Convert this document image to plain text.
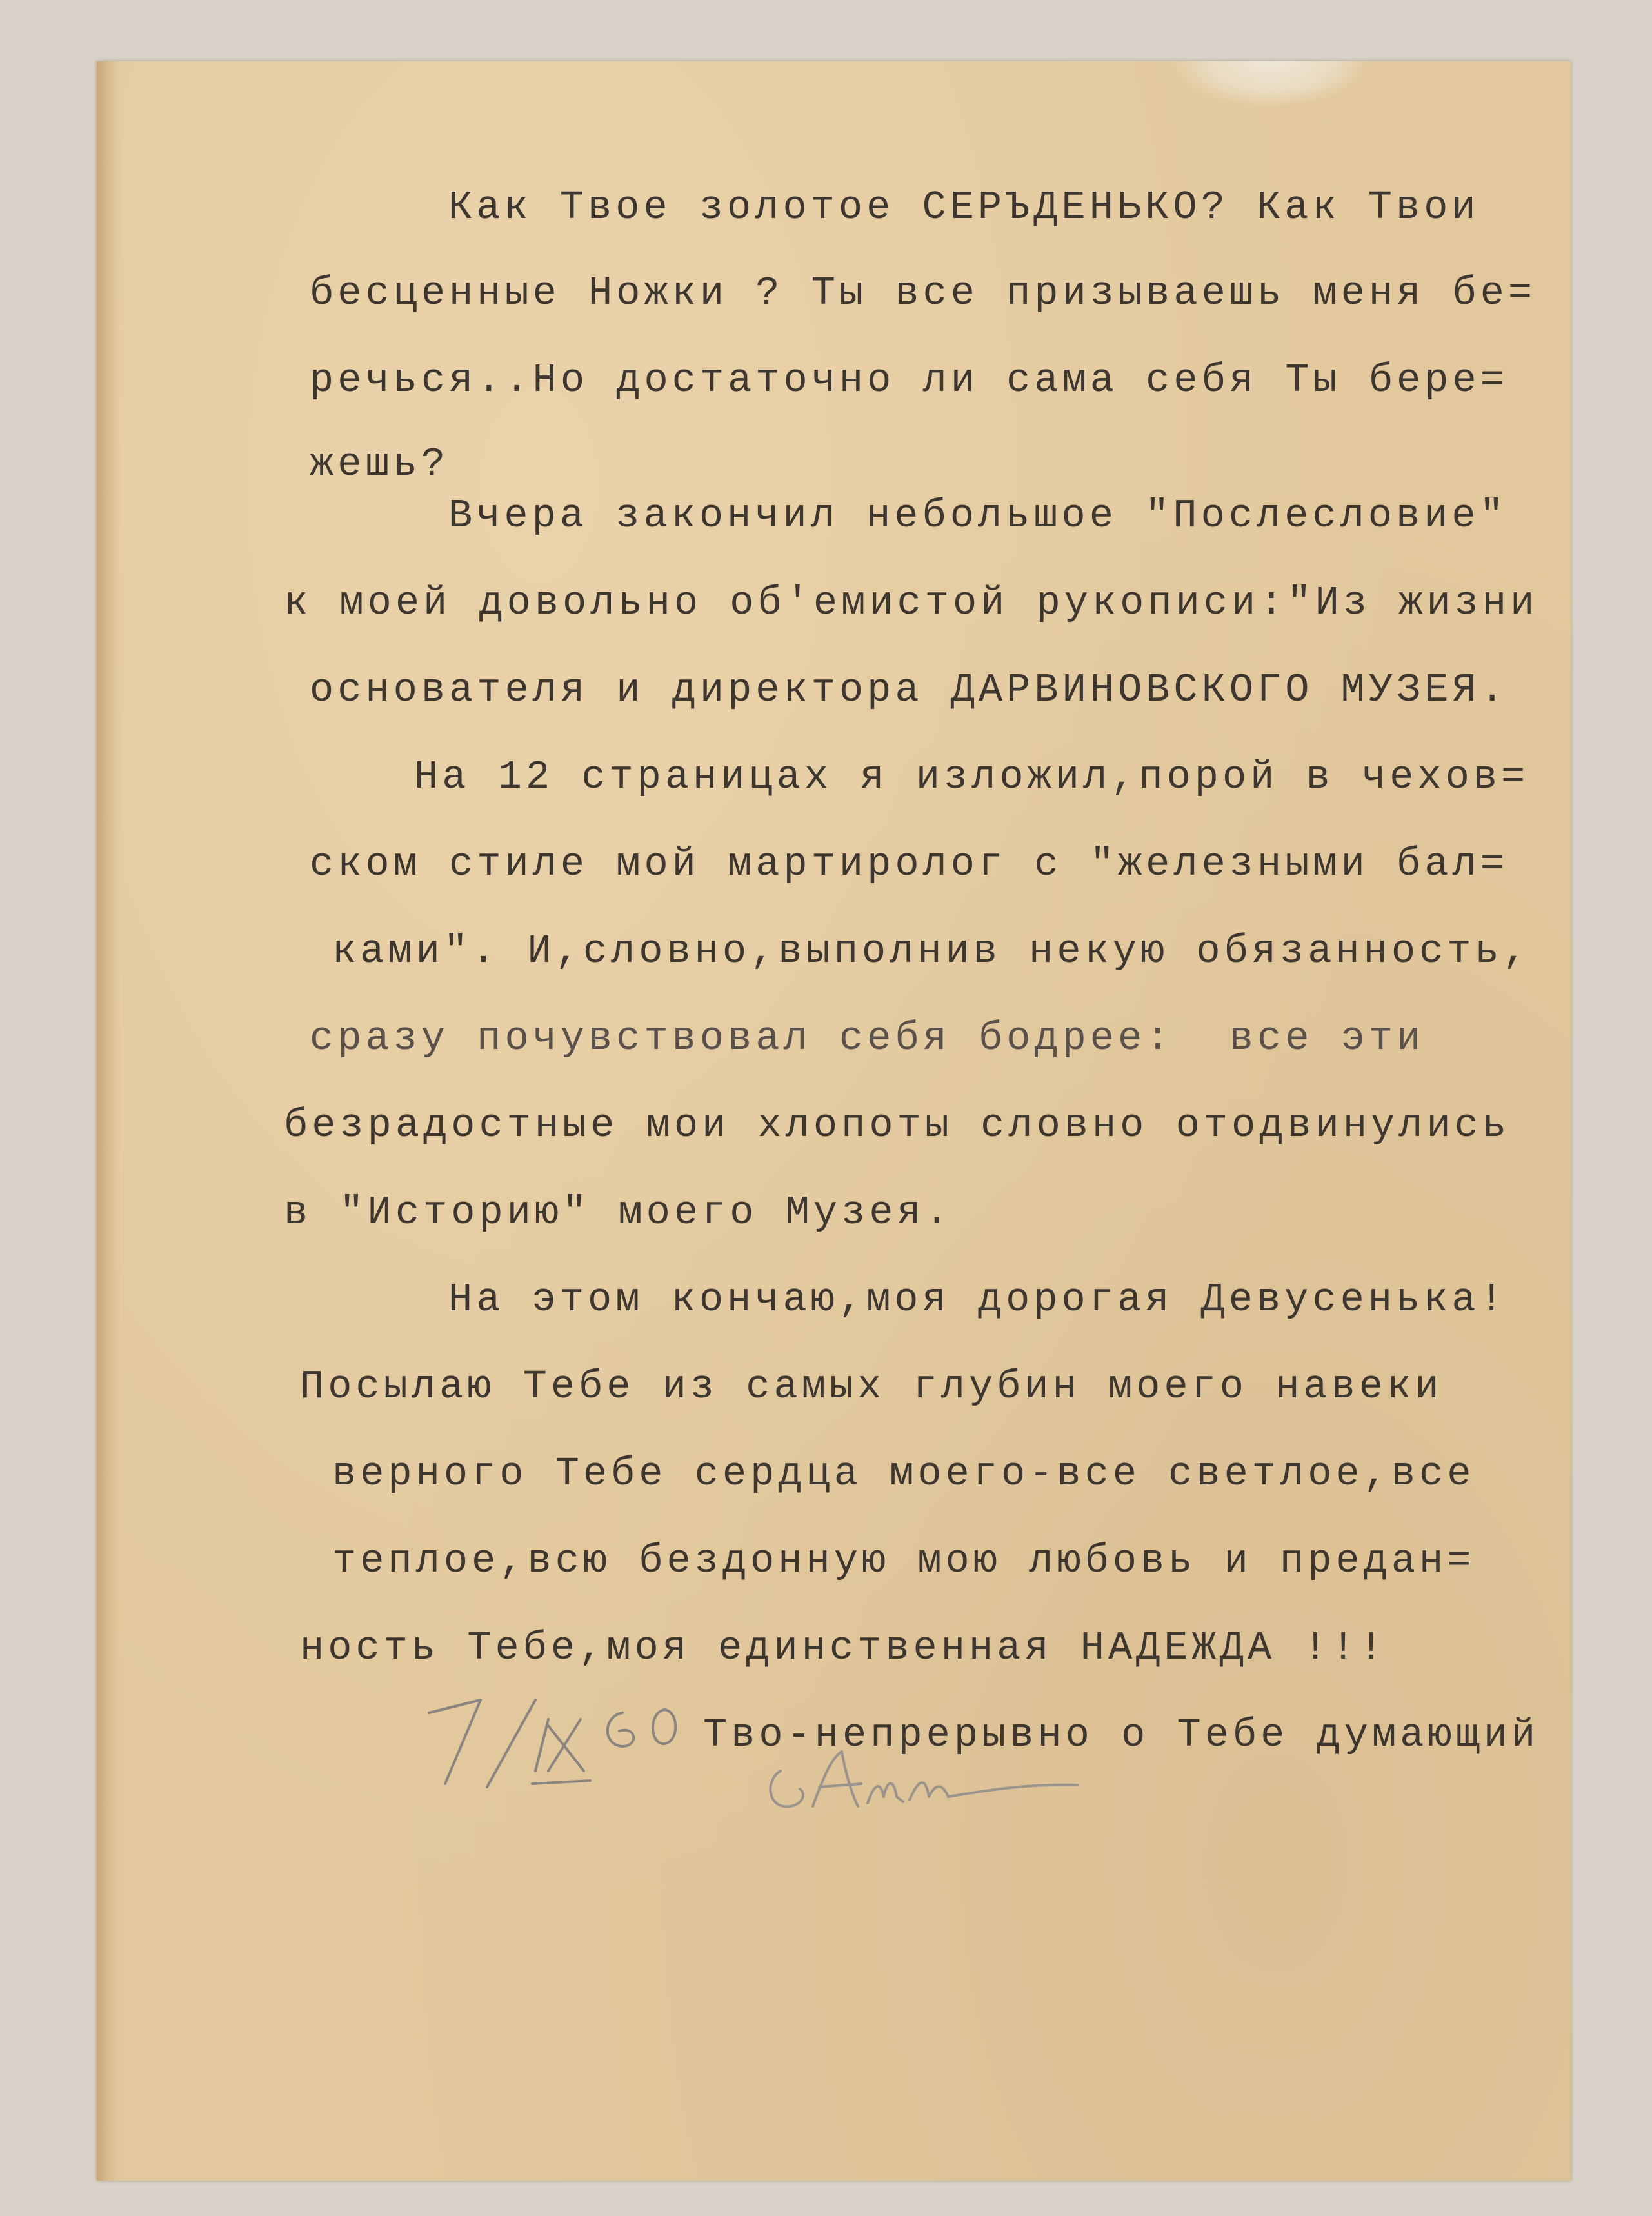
Как Твое золотое СЕРЪДЕНЬКО? Как Твои
бесценные Ножки ? Ты все призываешь меня бе=
речься..Но достаточно ли сама себя Ты бере=
жешь?
Вчера закончил небольшое "Послесловие"
к моей довольно об'емистой рукописи:"Из жизни
основателя и директора ДАРВИНОВСКОГО МУЗЕЯ.
На 12 страницах я изложил,порой в чехов=
ском стиле мой мартиролог с "железными бал=
ками". И,словно,выполнив некую обязанность,
сразу почувствовал себя бодрее:  все эти
безрадостные мои хлопоты словно отодвинулись
в "Историю" моего Музея.
На этом кончаю,моя дорогая Девусенька!
Посылаю Тебе из самых глубин моего навеки
верного Тебе сердца моего-все светлое,все
теплое,всю бездонную мою любовь и предан=
ность Тебе,моя единственная НАДЕЖДА !!!
Тво-непрерывно о Тебе думающий
